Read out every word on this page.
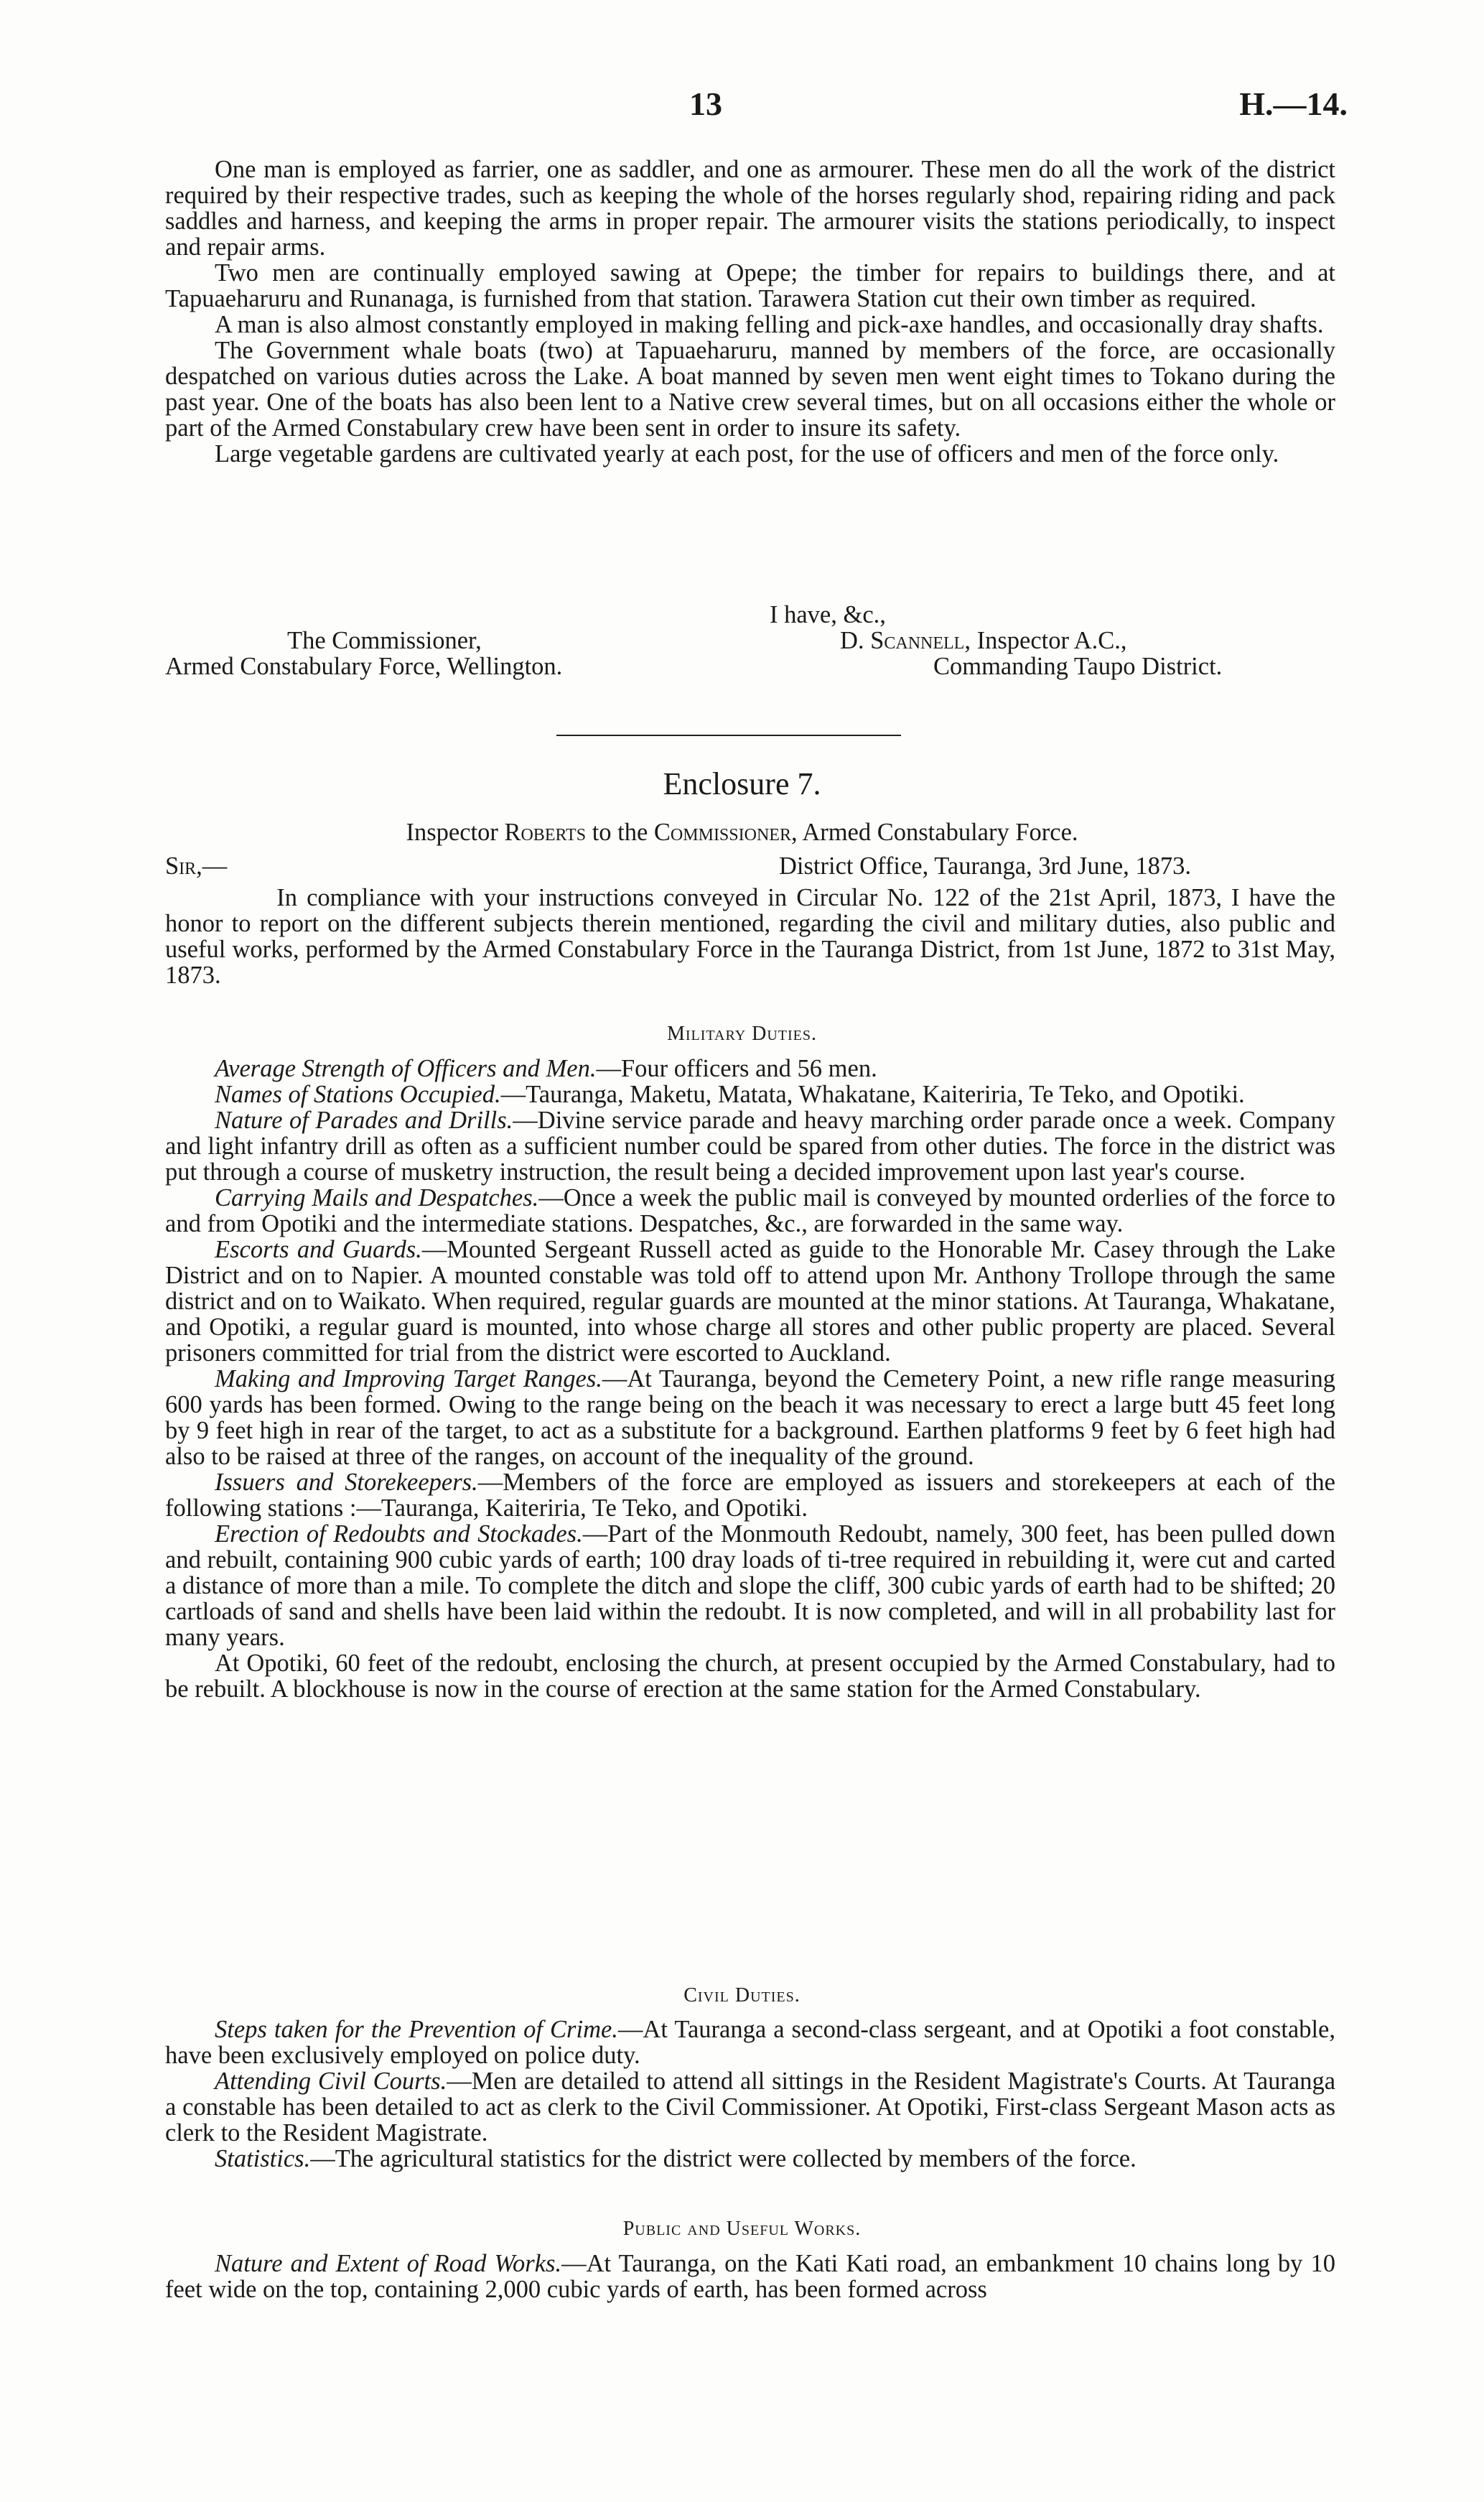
13	H.—14.

One man is employed as farrier, one as saddler, and one as armourer. These men do all the work of the district required by their respective trades, such as keeping the whole of the horses regularly shod, repairing riding and pack saddles and harness, and keeping the arms in proper repair. The armourer visits the stations periodically, to inspect and repair arms.

Two men are continually employed sawing at Opepe; the timber for repairs to buildings there, and at Tapuaeharuru and Runanaga, is furnished from that station. Tarawera Station cut their own timber as required.

A man is also almost constantly employed in making felling and pick-axe handles, and occasionally dray shafts.

The Government whale boats (two) at Tapuaeharuru, manned by members of the force, are occasionally despatched on various duties across the Lake. A boat manned by seven men went eight times to Tokano during the past year. One of the boats has also been lent to a Native crew several times, but on all occasions either the whole or part of the Armed Constabulary crew have been sent in order to insure its safety.

Large vegetable gardens are cultivated yearly at each post, for the use of officers and men of the force only.

I have, &c.,
The Commissioner,	D. Scannell, Inspector A.C.,
Armed Constabulary Force, Wellington.	Commanding Taupo District.
Enclosure 7.
Inspector Roberts to the Commissioner, Armed Constabulary Force.
Sir,—	District Office, Tauranga, 3rd June, 1873.

In compliance with your instructions conveyed in Circular No. 122 of the 21st April, 1873, I have the honor to report on the different subjects therein mentioned, regarding the civil and military duties, also public and useful works, performed by the Armed Constabulary Force in the Tauranga District, from 1st June, 1872 to 31st May, 1873.

Military Duties.

Average Strength of Officers and Men.—Four officers and 56 men.

Names of Stations Occupied.—Tauranga, Maketu, Matata, Whakatane, Kaiteriria, Te Teko, and Opotiki.

Nature of Parades and Drills.—Divine service parade and heavy marching order parade once a week. Company and light infantry drill as often as a sufficient number could be spared from other duties. The force in the district was put through a course of musketry instruction, the result being a decided improvement upon last year's course.

Carrying Mails and Despatches.—Once a week the public mail is conveyed by mounted orderlies of the force to and from Opotiki and the intermediate stations. Despatches, &c., are forwarded in the same way.

Escorts and Guards.—Mounted Sergeant Russell acted as guide to the Honorable Mr. Casey through the Lake District and on to Napier. A mounted constable was told off to attend upon Mr. Anthony Trollope through the same district and on to Waikato. When required, regular guards are mounted at the minor stations. At Tauranga, Whakatane, and Opotiki, a regular guard is mounted, into whose charge all stores and other public property are placed. Several prisoners committed for trial from the district were escorted to Auckland.

Making and Improving Target Ranges.—At Tauranga, beyond the Cemetery Point, a new rifle range measuring 600 yards has been formed. Owing to the range being on the beach it was necessary to erect a large butt 45 feet long by 9 feet high in rear of the target, to act as a substitute for a background. Earthen platforms 9 feet by 6 feet high had also to be raised at three of the ranges, on account of the inequality of the ground.

Issuers and Storekeepers.—Members of the force are employed as issuers and storekeepers at each of the following stations :—Tauranga, Kaiteriria, Te Teko, and Opotiki.

Erection of Redoubts and Stockades.—Part of the Monmouth Redoubt, namely, 300 feet, has been pulled down and rebuilt, containing 900 cubic yards of earth; 100 dray loads of ti-tree required in rebuilding it, were cut and carted a distance of more than a mile. To complete the ditch and slope the cliff, 300 cubic yards of earth had to be shifted; 20 cartloads of sand and shells have been laid within the redoubt. It is now completed, and will in all probability last for many years.

At Opotiki, 60 feet of the redoubt, enclosing the church, at present occupied by the Armed Constabulary, had to be rebuilt. A blockhouse is now in the course of erection at the same station for the Armed Constabulary.

Civil Duties.

Steps taken for the Prevention of Crime.—At Tauranga a second-class sergeant, and at Opotiki a foot constable, have been exclusively employed on police duty.

Attending Civil Courts.—Men are detailed to attend all sittings in the Resident Magistrate's Courts. At Tauranga a constable has been detailed to act as clerk to the Civil Commissioner. At Opotiki, First-class Sergeant Mason acts as clerk to the Resident Magistrate.

Statistics.—The agricultural statistics for the district were collected by members of the force.

Public and Useful Works.

Nature and Extent of Road Works.—At Tauranga, on the Kati Kati road, an embankment 10 chains long by 10 feet wide on the top, containing 2,000 cubic yards of earth, has been formed across
